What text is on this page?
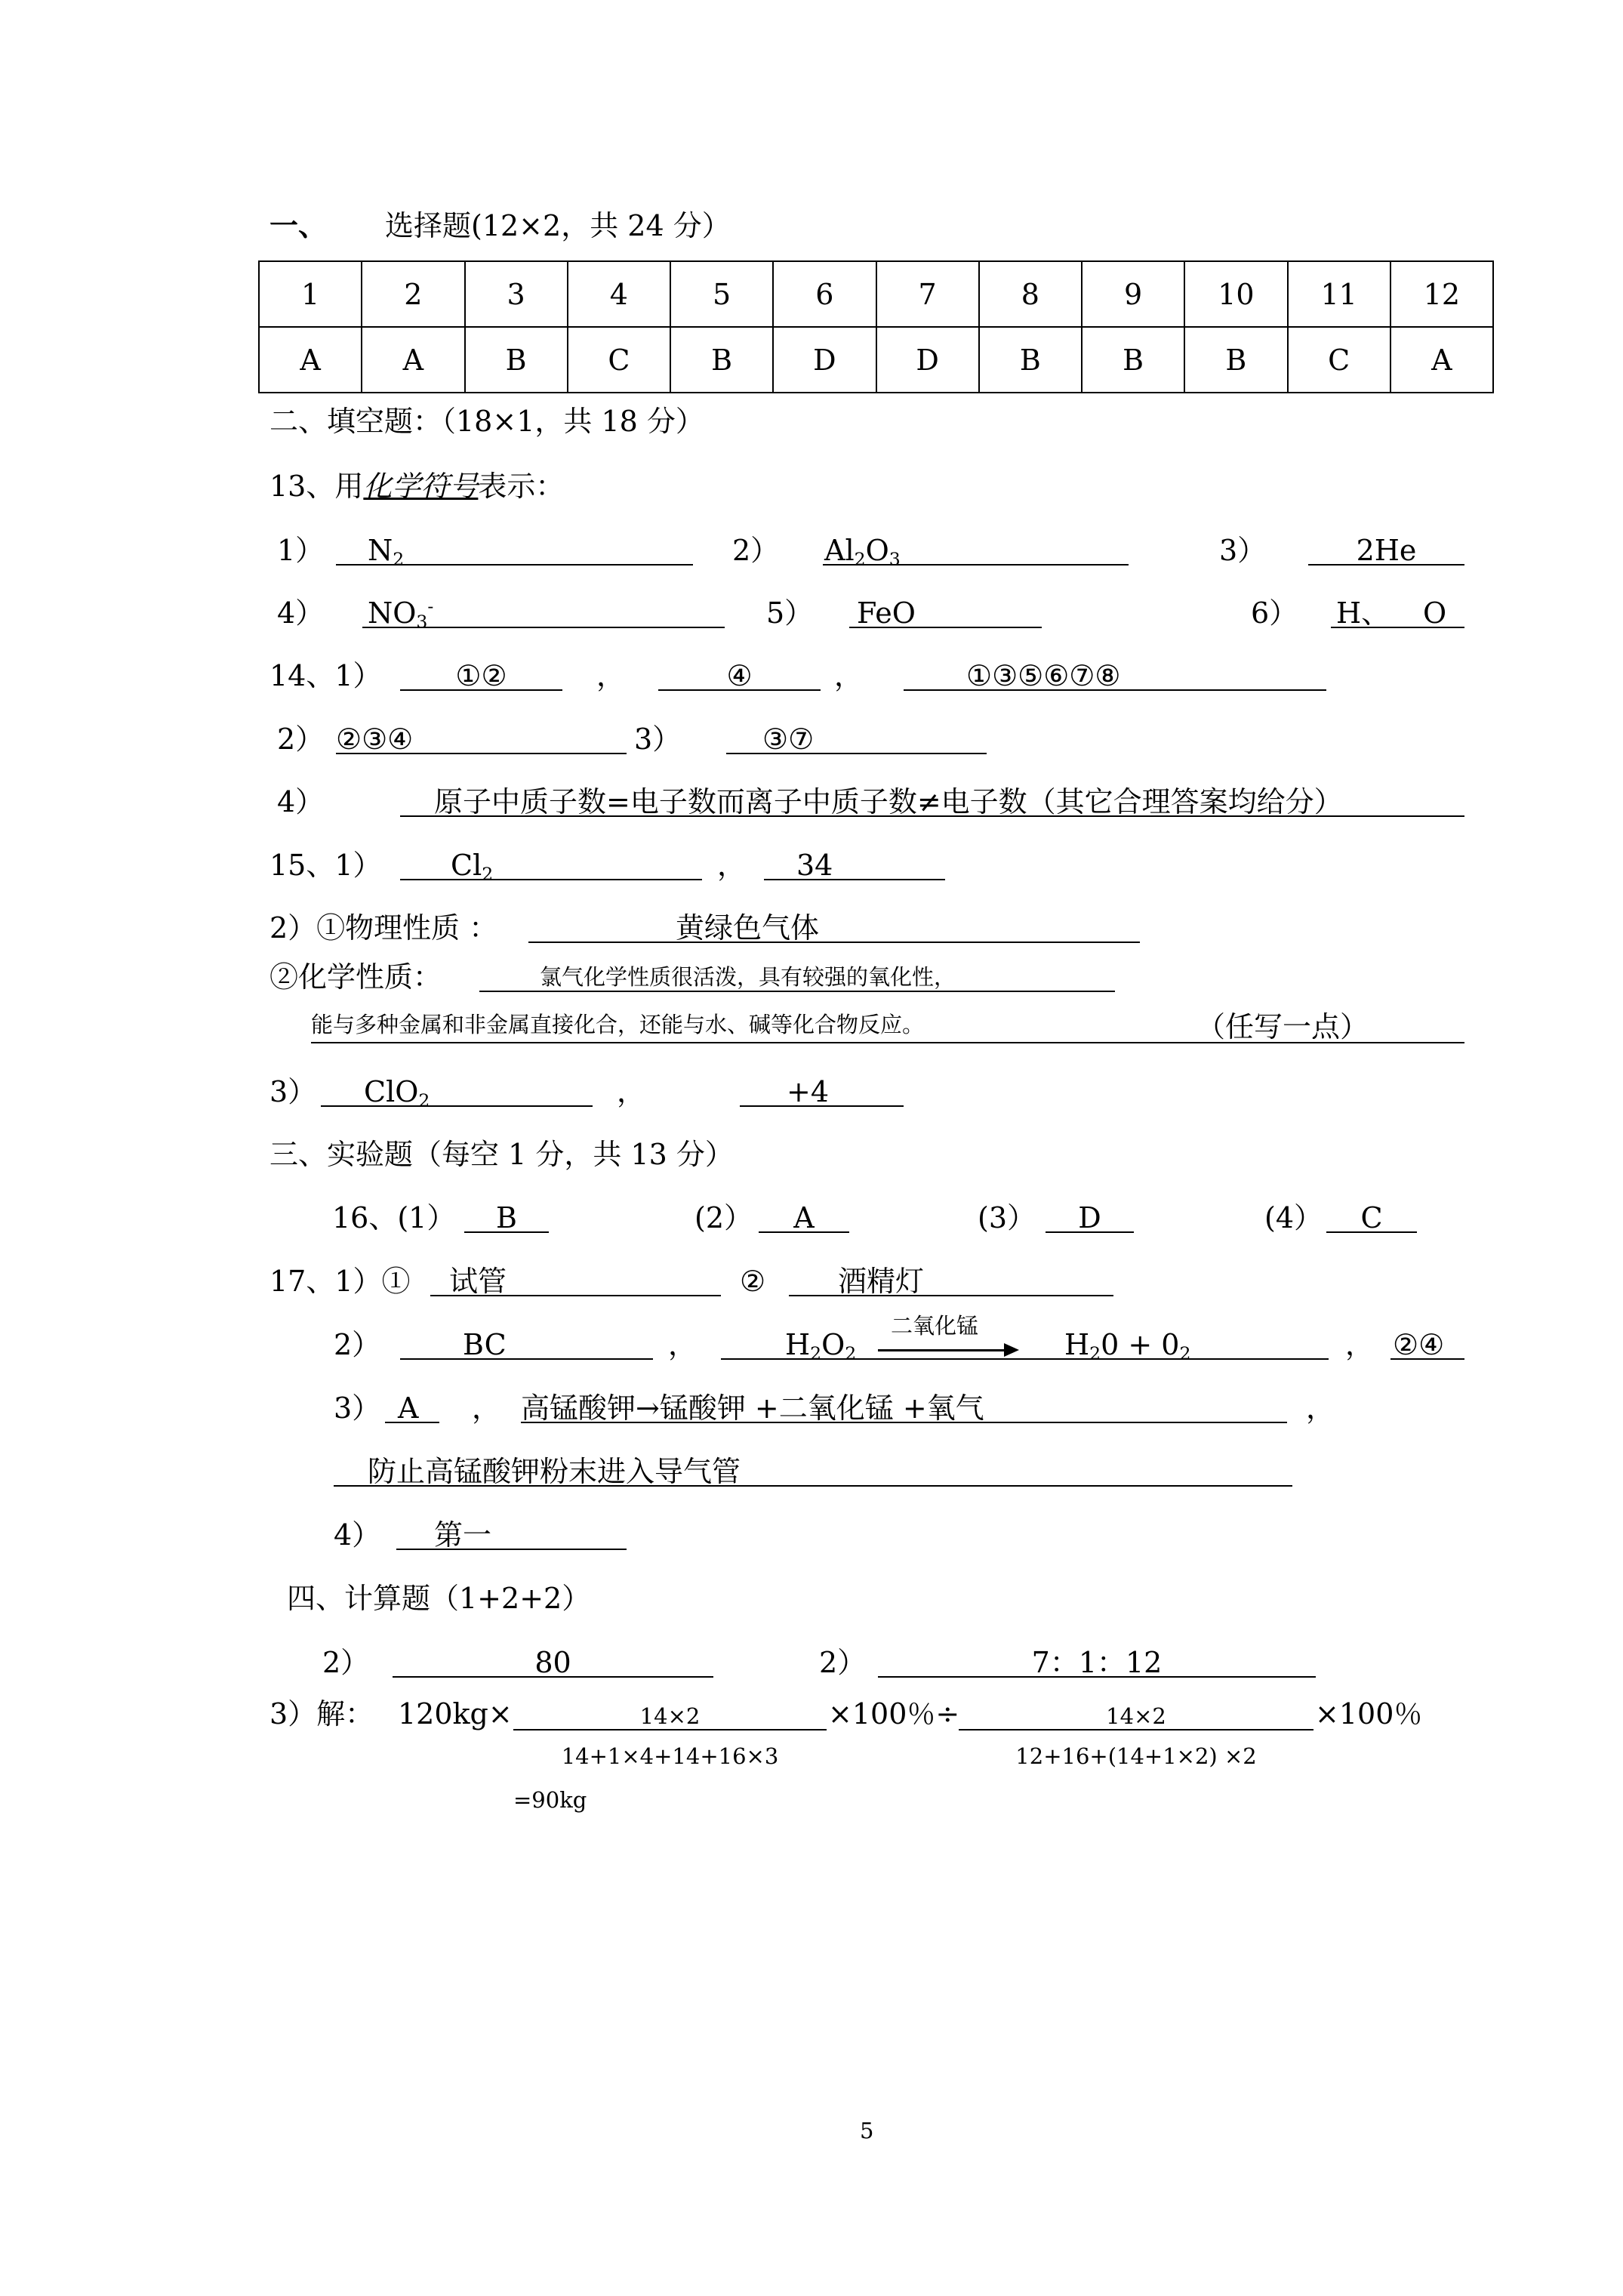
一、 选择题(12×2，共 24 分）
1	2	3	4	5	6	7	8	9	10	11	12
A	A	B	C	B	D	D	B	B	B	C	A
二、填空题：（18×1，共 18 分）
13、用化学符号表示：
1） $N_2$	2） $Al_2O_3$	3）	2He
4） $NO_3^-$	5） FeO	6） H、 O
14、1）	①②	，	④	，	①③⑤⑥⑦⑧
2） ②③④	3）	③⑦
4）	原子中质子数=电子数而离子中质子数≠电子数（其它合理答案均给分）
15、1） $Cl_2$	， 34
2）①物理性质 ：	黄绿色气体
②化学性质：	氯气化学性质很活泼，具有较强的氧化性，
能与多种金属和非金属直接化合，还能与水、碱等化合物反应。	（任写一点）
3） ClO$_2$	，	+4
三、实验题（每空 1 分，共 13 分）
16、(1）	B	(2）	A	(3）	D	(4）	C
17、1）① 试管	②	酒精灯
2）	BC	，	$H_2O_2$
二氧化锰
$H_20 + 0_2$	， ②④
3） A ， 高锰酸钾→锰酸钾 +二氧化锰 +氧气	，
防止高锰酸钾粉末进入导气管
4） 第一
四、计算题（1+2+2）
2）	80	2）	7：1：12
3）解： 120kg×	14×2
14+1×4+14+16×3
×100％÷	14×2
12+16+(14+1×2) ×2
×100％
=90kg
5
